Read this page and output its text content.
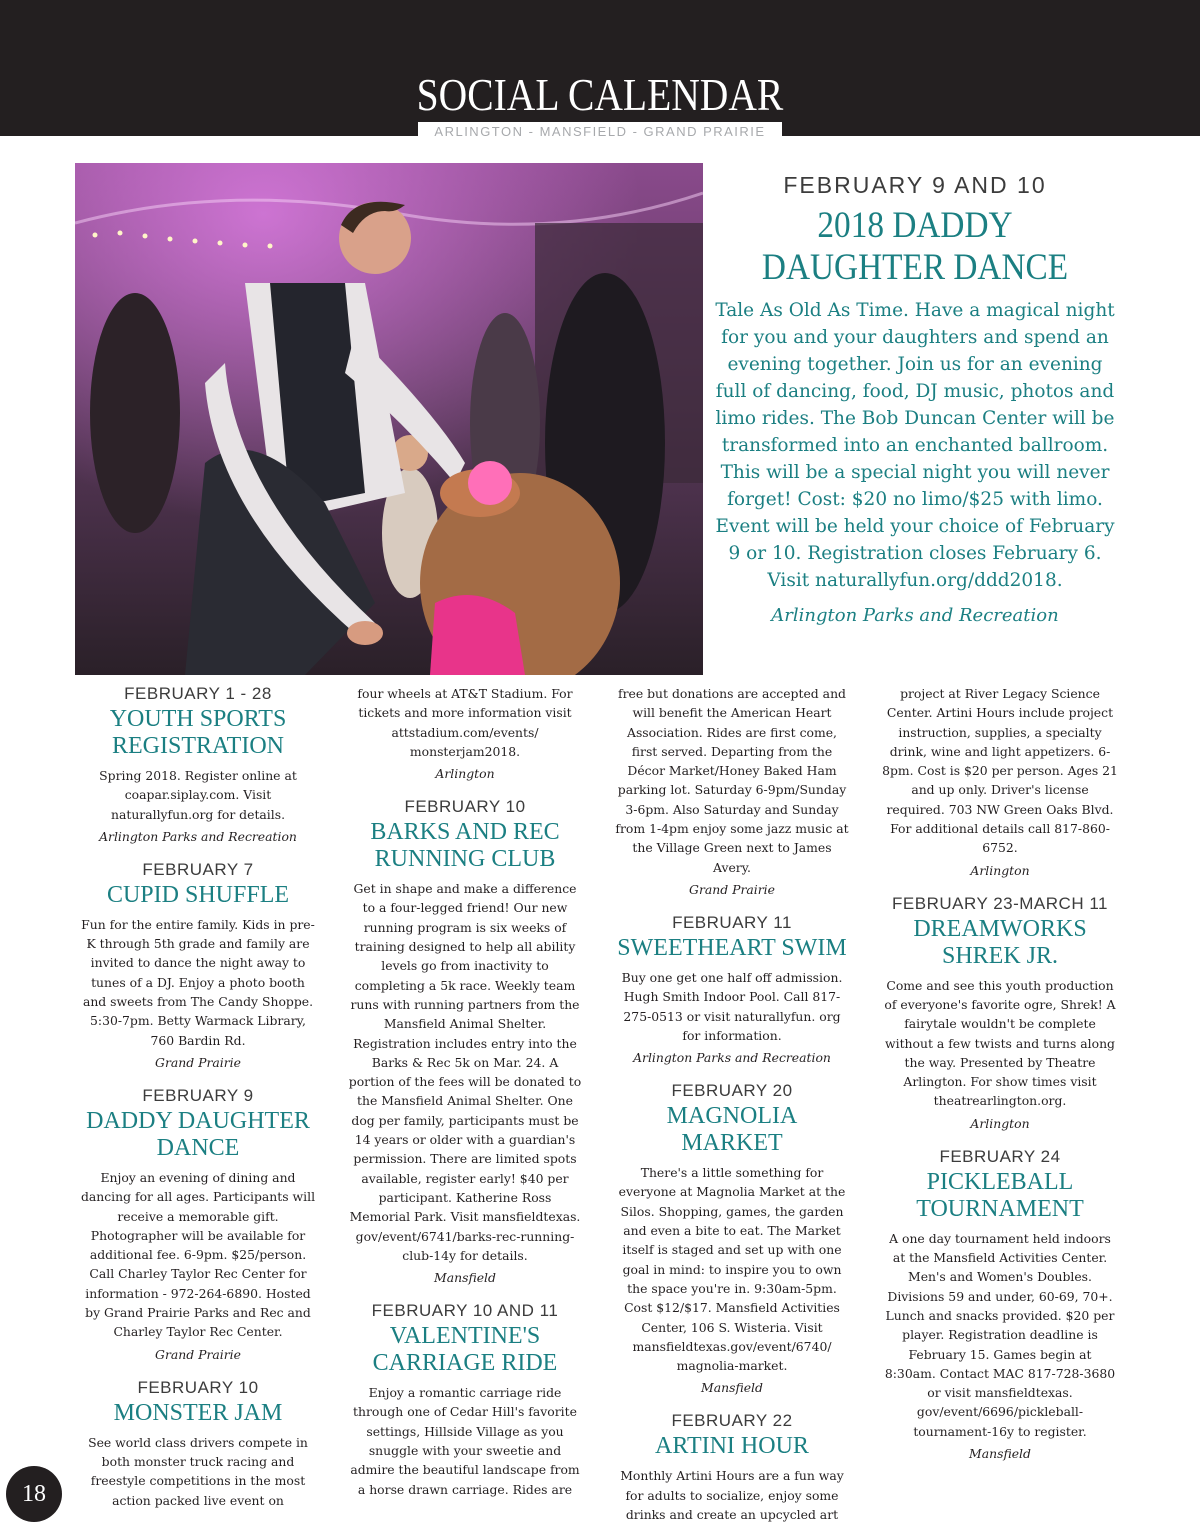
SOCIAL CALENDAR
ARLINGTON - MANSFIELD - GRAND PRAIRIE
FEBRUARY 9 AND 10
2018 DADDY DAUGHTER DANCE
Tale As Old As Time. Have a magical night for you and your daughters and spend an evening together. Join us for an evening full of dancing, food, DJ music, photos and limo rides. The Bob Duncan Center will be transformed into an enchanted ballroom. This will be a special night you will never forget! Cost: $20 no limo/$25 with limo. Event will be held your choice of February 9 or 10. Registration closes February 6. Visit naturallyfun.org/ddd2018.
Arlington Parks and Recreation
FEBRUARY 1 - 28
YOUTH SPORTS REGISTRATION
Spring 2018. Register online at coapar.siplay.com. Visit naturallyfun.org for details.
Arlington Parks and Recreation
FEBRUARY 7
CUPID SHUFFLE
Fun for the entire family. Kids in pre-K through 5th grade and family are invited to dance the night away to tunes of a DJ. Enjoy a photo booth and sweets from The Candy Shoppe. 5:30-7pm. Betty Warmack Library, 760 Bardin Rd.
Grand Prairie
FEBRUARY 9
DADDY DAUGHTER DANCE
Enjoy an evening of dining and dancing for all ages. Participants will receive a memorable gift. Photographer will be available for additional fee. 6-9pm. $25/person. Call Charley Taylor Rec Center for information - 972-264-6890. Hosted by Grand Prairie Parks and Rec and Charley Taylor Rec Center.
Grand Prairie
FEBRUARY 10
MONSTER JAM
See world class drivers compete in both monster truck racing and freestyle competitions in the most action packed live event on
four wheels at AT&T Stadium. For tickets and more information visit attstadium.com/events/ monsterjam2018.
Arlington
FEBRUARY 10
BARKS AND REC RUNNING CLUB
Get in shape and make a difference to a four-legged friend! Our new running program is six weeks of training designed to help all ability levels go from inactivity to completing a 5k race. Weekly team runs with running partners from the Mansfield Animal Shelter. Registration includes entry into the Barks & Rec 5k on Mar. 24. A portion of the fees will be donated to the Mansfield Animal Shelter. One dog per family, participants must be 14 years or older with a guardian's permission. There are limited spots available, register early! $40 per participant. Katherine Ross Memorial Park. Visit mansfieldtexas. gov/event/6741/barks-rec-running-club-14y for details.
Mansfield
FEBRUARY 10 AND 11
VALENTINE'S CARRIAGE RIDE
Enjoy a romantic carriage ride through one of Cedar Hill's favorite settings, Hillside Village as you snuggle with your sweetie and admire the beautiful landscape from a horse drawn carriage. Rides are
free but donations are accepted and will benefit the American Heart Association. Rides are first come, first served. Departing from the Décor Market/Honey Baked Ham parking lot. Saturday 6-9pm/Sunday 3-6pm. Also Saturday and Sunday from 1-4pm enjoy some jazz music at the Village Green next to James Avery.
Grand Prairie
FEBRUARY 11
SWEETHEART SWIM
Buy one get one half off admission. Hugh Smith Indoor Pool. Call 817-275-0513 or visit naturallyfun. org for information.
Arlington Parks and Recreation
FEBRUARY 20
MAGNOLIA MARKET
There's a little something for everyone at Magnolia Market at the Silos. Shopping, games, the garden and even a bite to eat. The Market itself is staged and set up with one goal in mind: to inspire you to own the space you're in. 9:30am-5pm. Cost $12/$17. Mansfield Activities Center, 106 S. Wisteria. Visit mansfieldtexas.gov/event/6740/ magnolia-market.
Mansfield
FEBRUARY 22
ARTINI HOUR
Monthly Artini Hours are a fun way for adults to socialize, enjoy some drinks and create an upcycled art
project at River Legacy Science Center. Artini Hours include project instruction, supplies, a specialty drink, wine and light appetizers. 6-8pm. Cost is $20 per person. Ages 21 and up only. Driver's license required. 703 NW Green Oaks Blvd. For additional details call 817-860-6752.
Arlington
FEBRUARY 23-MARCH 11
DREAMWORKS SHREK JR.
Come and see this youth production of everyone's favorite ogre, Shrek! A fairytale wouldn't be complete without a few twists and turns along the way. Presented by Theatre Arlington. For show times visit theatrearlington.org.
Arlington
FEBRUARY 24
PICKLEBALL TOURNAMENT
A one day tournament held indoors at the Mansfield Activities Center. Men's and Women's Doubles. Divisions 59 and under, 60-69, 70+. Lunch and snacks provided. $20 per player. Registration deadline is February 15. Games begin at 8:30am. Contact MAC 817-728-3680 or visit mansfieldtexas. gov/event/6696/pickleball-tournament-16y to register.
Mansfield
18
